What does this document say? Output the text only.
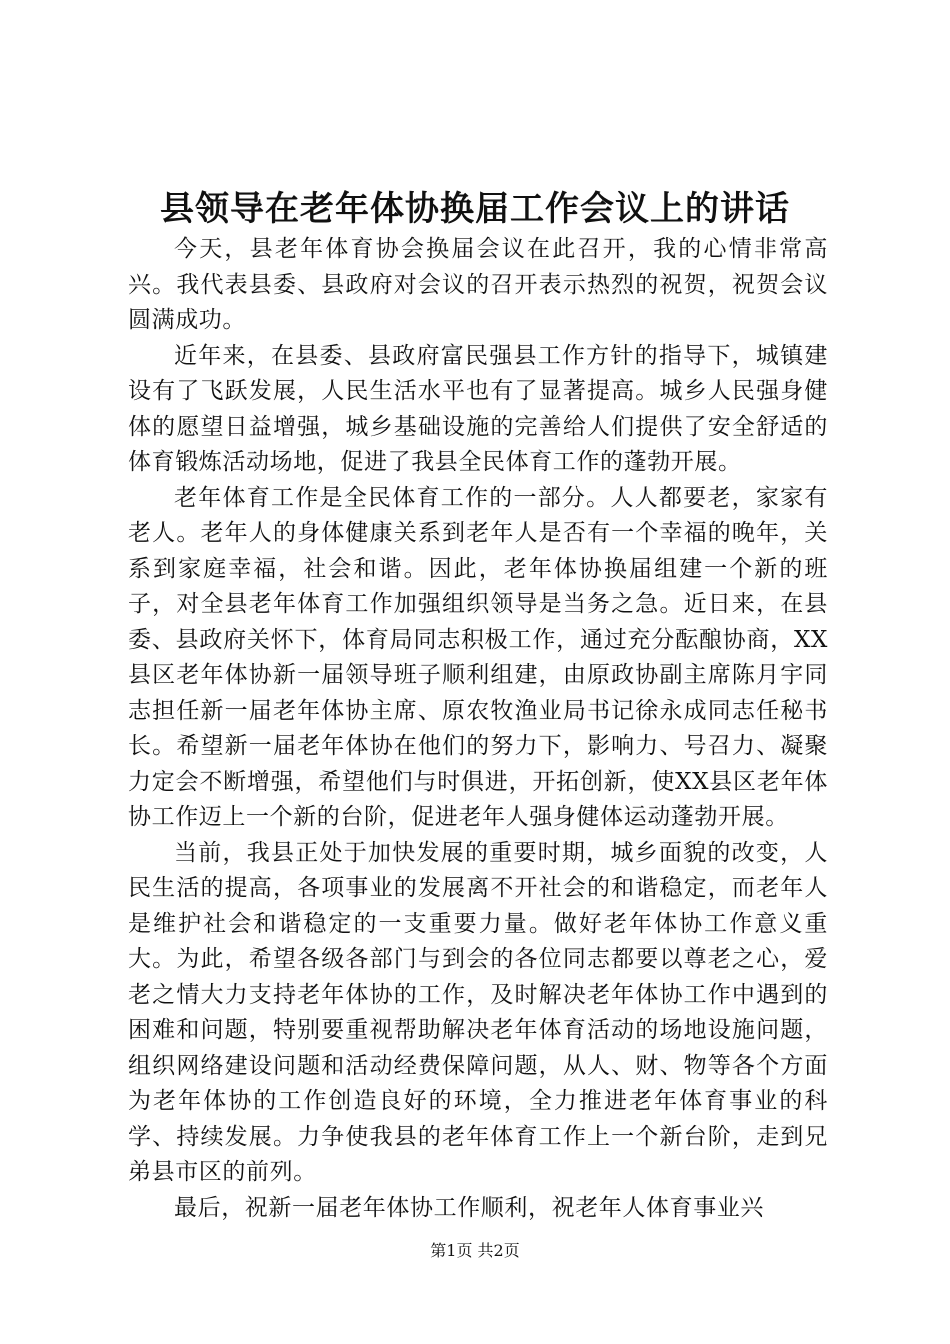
县领导在老年体协换届工作会议上的讲话

今天，县老年体育协会换届会议在此召开，我的心情非常高兴。我代表县委、县政府对会议的召开表示热烈的祝贺，祝贺会议圆满成功。

近年来，在县委、县政府富民强县工作方针的指导下，城镇建设有了飞跃发展，人民生活水平也有了显著提高。城乡人民强身健体的愿望日益增强，城乡基础设施的完善给人们提供了安全舒适的体育锻炼活动场地，促进了我县全民体育工作的蓬勃开展。

老年体育工作是全民体育工作的一部分。人人都要老，家家有老人。老年人的身体健康关系到老年人是否有一个幸福的晚年，关系到家庭幸福，社会和谐。因此，老年体协换届组建一个新的班子，对全县老年体育工作加强组织领导是当务之急。近日来，在县委、县政府关怀下，体育局同志积极工作，通过充分酝酿协商，XX县区老年体协新一届领导班子顺利组建，由原政协副主席陈月宇同志担任新一届老年体协主席、原农牧渔业局书记徐永成同志任秘书长。希望新一届老年体协在他们的努力下，影响力、号召力、凝聚力定会不断增强，希望他们与时俱进，开拓创新，使XX县区老年体协工作迈上一个新的台阶，促进老年人强身健体运动蓬勃开展。

当前，我县正处于加快发展的重要时期，城乡面貌的改变，人民生活的提高，各项事业的发展离不开社会的和谐稳定，而老年人是维护社会和谐稳定的一支重要力量。做好老年体协工作意义重大。为此，希望各级各部门与到会的各位同志都要以尊老之心，爱老之情大力支持老年体协的工作，及时解决老年体协工作中遇到的困难和问题，特别要重视帮助解决老年体育活动的场地设施问题，组织网络建设问题和活动经费保障问题，从人、财、物等各个方面为老年体协的工作创造良好的环境，全力推进老年体育事业的科学、持续发展。力争使我县的老年体育工作上一个新台阶，走到兄弟县市区的前列。

最后，祝新一届老年体协工作顺利，祝老年人体育事业兴

第1页 共2页
